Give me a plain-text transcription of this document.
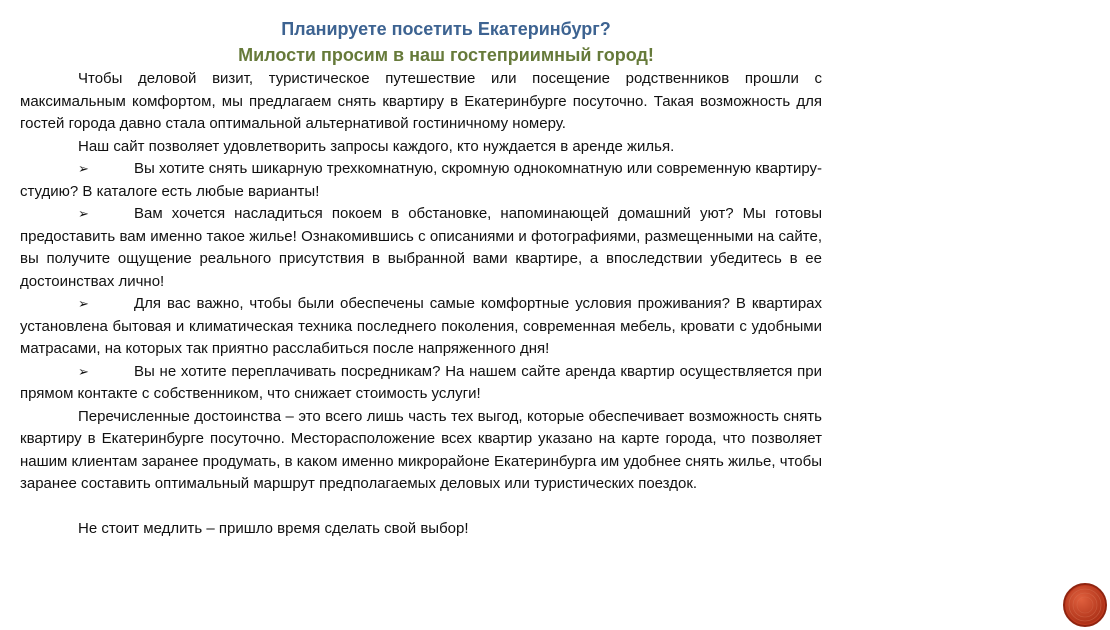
Планируете посетить Екатеринбург?

Милости просим в наш гостеприимный город!

Чтобы деловой визит, туристическое путешествие или посещение родственников прошли с максимальным комфортом, мы предлагаем снять квартиру в Екатеринбурге посуточно. Такая возможность для гостей города давно стала оптимальной альтернативой гостиничному номеру.

Наш сайт позволяет удовлетворить запросы каждого, кто нуждается в аренде жилья.

➢	Вы хотите снять шикарную трехкомнатную, скромную однокомнатную или современную квартиру-студию? В каталоге есть любые варианты!

➢	Вам хочется насладиться покоем в обстановке, напоминающей домашний уют? Мы готовы предоставить вам именно такое жилье! Ознакомившись с описаниями и фотографиями, размещенными на сайте, вы получите ощущение реального присутствия в выбранной вами квартире, а впоследствии убедитесь в ее достоинствах лично!

➢	Для вас важно, чтобы были обеспечены самые комфортные условия проживания? В квартирах установлена бытовая и климатическая техника последнего поколения, современная мебель, кровати с удобными матрасами, на которых так приятно расслабиться после напряженного дня!

➢	Вы не хотите переплачивать посредникам? На нашем сайте аренда квартир осуществляется при прямом контакте с собственником, что снижает стоимость услуги!

Перечисленные достоинства – это всего лишь часть тех выгод, которые обеспечивает возможность снять квартиру в Екатеринбурге посуточно. Месторасположение всех квартир указано на карте города, что позволяет нашим клиентам заранее продумать, в каком именно микрорайоне Екатеринбурга им удобнее снять жилье, чтобы заранее составить оптимальный маршрут предполагаемых деловых или туристических поездок.

Не стоит медлить – пришло время сделать свой выбор!
